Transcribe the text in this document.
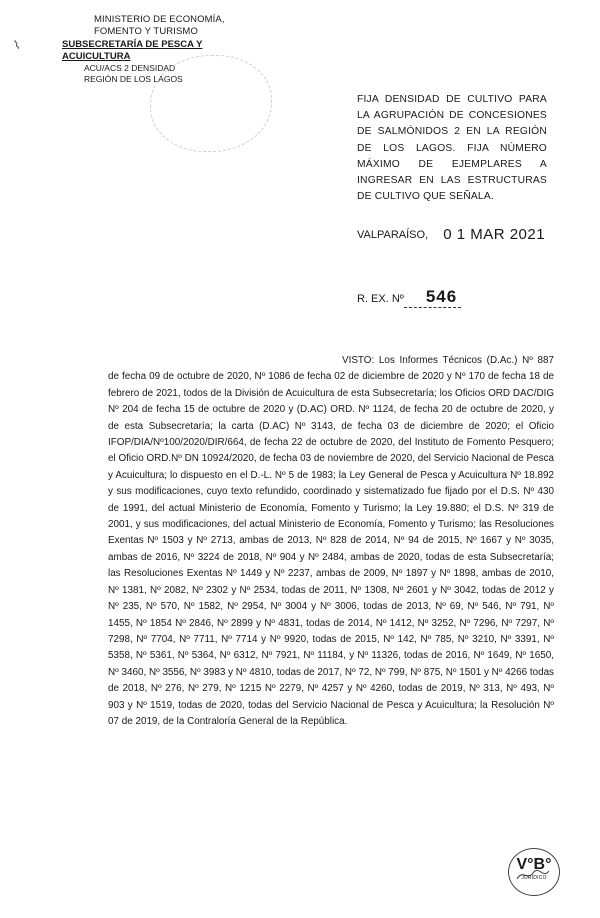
MINISTERIO DE ECONOMÍA,
FOMENTO Y TURISMO
SUBSECRETARÍA DE PESCA Y ACUICULTURA
ACU/ACS 2 DENSIDAD
REGIÓN DE LOS LAGOS
⌇
FIJA DENSIDAD DE CULTIVO PARA LA AGRUPACIÓN DE CONCESIONES DE SALMÓNIDOS 2 EN LA REGIÓN DE LOS LAGOS. FIJA NÚMERO MÁXIMO DE EJEMPLARES A INGRESAR EN LAS ESTRUCTURAS DE CULTIVO QUE SEÑALA.
VALPARAÍSO, 0 1 MAR 2021
R. EX. Nº 546

VISTO: Los Informes Técnicos (D.Ac.) Nº 887 de fecha 09 de octubre de 2020, Nº 1086 de fecha 02 de diciembre de 2020 y Nº 170 de fecha 18 de febrero de 2021, todos de la División de Acuicultura de esta Subsecretaría; los Oficios ORD DAC/DIG Nº 204 de fecha 15 de octubre de 2020 y (D.AC) ORD. Nº 1124, de fecha 20 de octubre de 2020, y de esta Subsecretaría; la carta (D.AC) Nº 3143, de fecha 03 de diciembre de 2020; el Oficio IFOP/DIA/Nº100/2020/DIR/664, de fecha 22 de octubre de 2020, del Instituto de Fomento Pesquero; el Oficio ORD.Nº DN 10924/2020, de fecha 03 de noviembre de 2020, del Servicio Nacional de Pesca y Acuicultura; lo dispuesto en el D.-L. Nº 5 de 1983; la Ley General de Pesca y Acuicultura Nº 18.892 y sus modificaciones, cuyo texto refundido, coordinado y sistematizado fue fijado por el D.S. Nº 430 de 1991, del actual Ministerio de Economía, Fomento y Turismo; la Ley 19.880; el D.S. Nº 319 de 2001, y sus modificaciones, del actual Ministerio de Economía, Fomento y Turismo; las Resoluciones Exentas Nº 1503 y Nº 2713, ambas de 2013, Nº 828 de 2014, Nº 94 de 2015, Nº 1667 y Nº 3035, ambas de 2016, Nº 3224 de 2018, Nº 904 y Nº 2484, ambas de 2020, todas de esta Subsecretaría; las Resoluciones Exentas Nº 1449 y Nº 2237, ambas de 2009, Nº 1897 y Nº 1898, ambas de 2010, Nº 1381, Nº 2082, Nº 2302 y Nº 2534, todas de 2011, Nº 1308, Nº 2601 y Nº 3042, todas de 2012 y Nº 235, Nº 570, Nº 1582, Nº 2954, Nº 3004 y Nº 3006, todas de 2013, Nº 69, Nº 546, Nº 791, Nº 1455, Nº 1854 Nº 2846, Nº 2899 y Nº 4831, todas de 2014, Nº 1412, Nº 3252, Nº 7296, Nº 7297, Nº 7298, Nº 7704, Nº 7711, Nº 7714 y Nº 9920, todas de 2015, Nº 142, Nº 785, Nº 3210, Nº 3391, Nº 5358, Nº 5361, Nº 5364, Nº 6312, Nº 7921, Nº 11184, y Nº 11326, todas de 2016, Nº 1649, Nº 1650, Nº 3460, Nº 3556, Nº 3983 y Nº 4810, todas de 2017, Nº 72, Nº 799, Nº 875, Nº 1501 y Nº 4266 todas de 2018, Nº 276, Nº 279, Nº 1215 Nº 2279, Nº 4257 y Nº 4260, todas de 2019, Nº 313, Nº 493, Nº 903 y Nº 1519, todas de 2020, todas del Servicio Nacional de Pesca y Acuicultura; la Resolución Nº 07 de 2019, de la Contraloría General de la República.

V°B°
JURÍDICO
